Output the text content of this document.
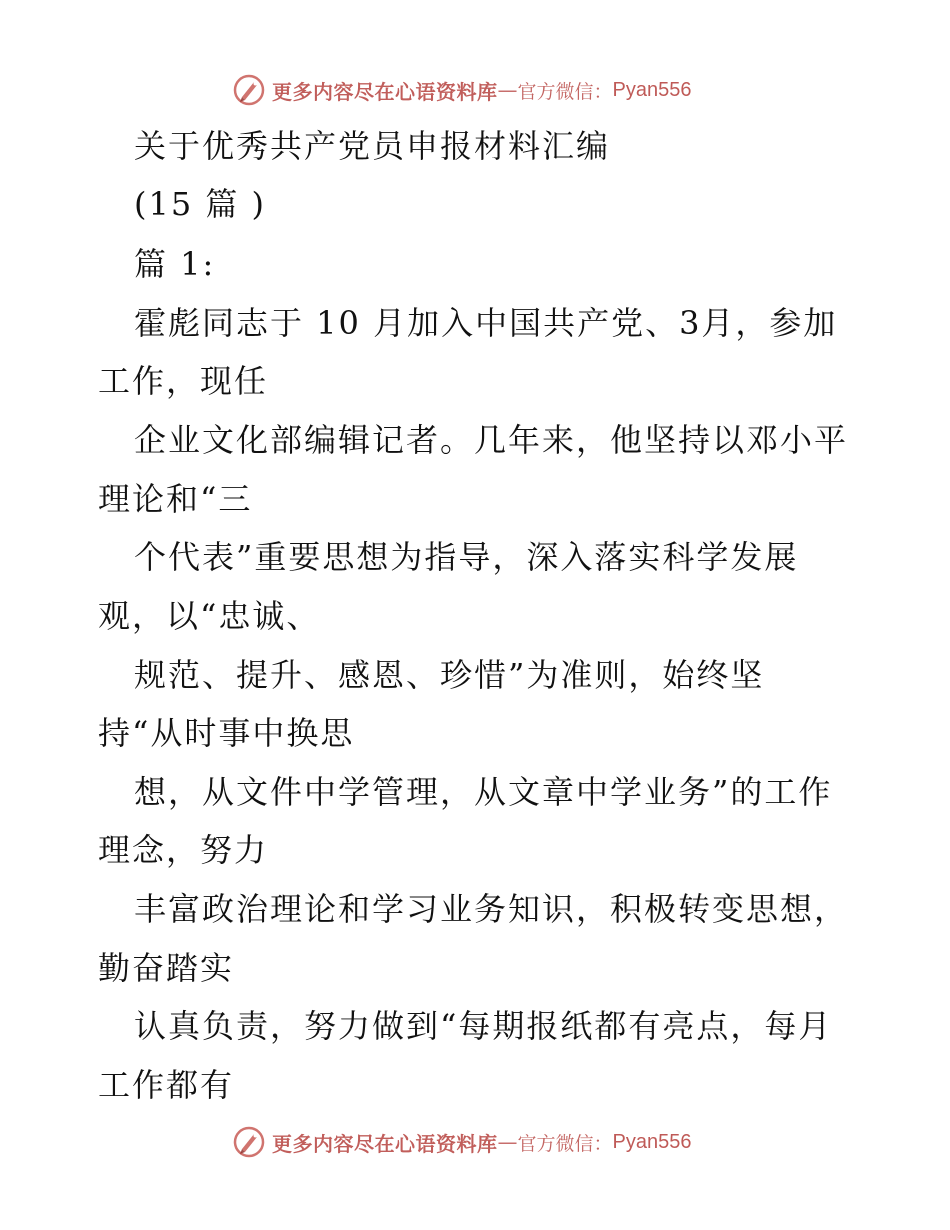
更多内容尽在心语资料库 — 官方微信： Pyan556
关于优秀共产党员申报材料汇编
(15 篇 )
篇 1:
霍彪同志于 10 月加入中国共产党、3月，参加
工作，现任
企业文化部编辑记者。几年来，他坚持以邓小平
理论和“三
个代表”重要思想为指导，深入落实科学发展
观，以“忠诚、
规范、提升、感恩、珍惜”为准则，始终坚
持“从时事中换思
想，从文件中学管理，从文章中学业务”的工作
理念，努力
丰富政治理论和学习业务知识，积极转变思想，
勤奋踏实
认真负责，努力做到“每期报纸都有亮点，每月
工作都有
更多内容尽在心语资料库 — 官方微信： Pyan556
